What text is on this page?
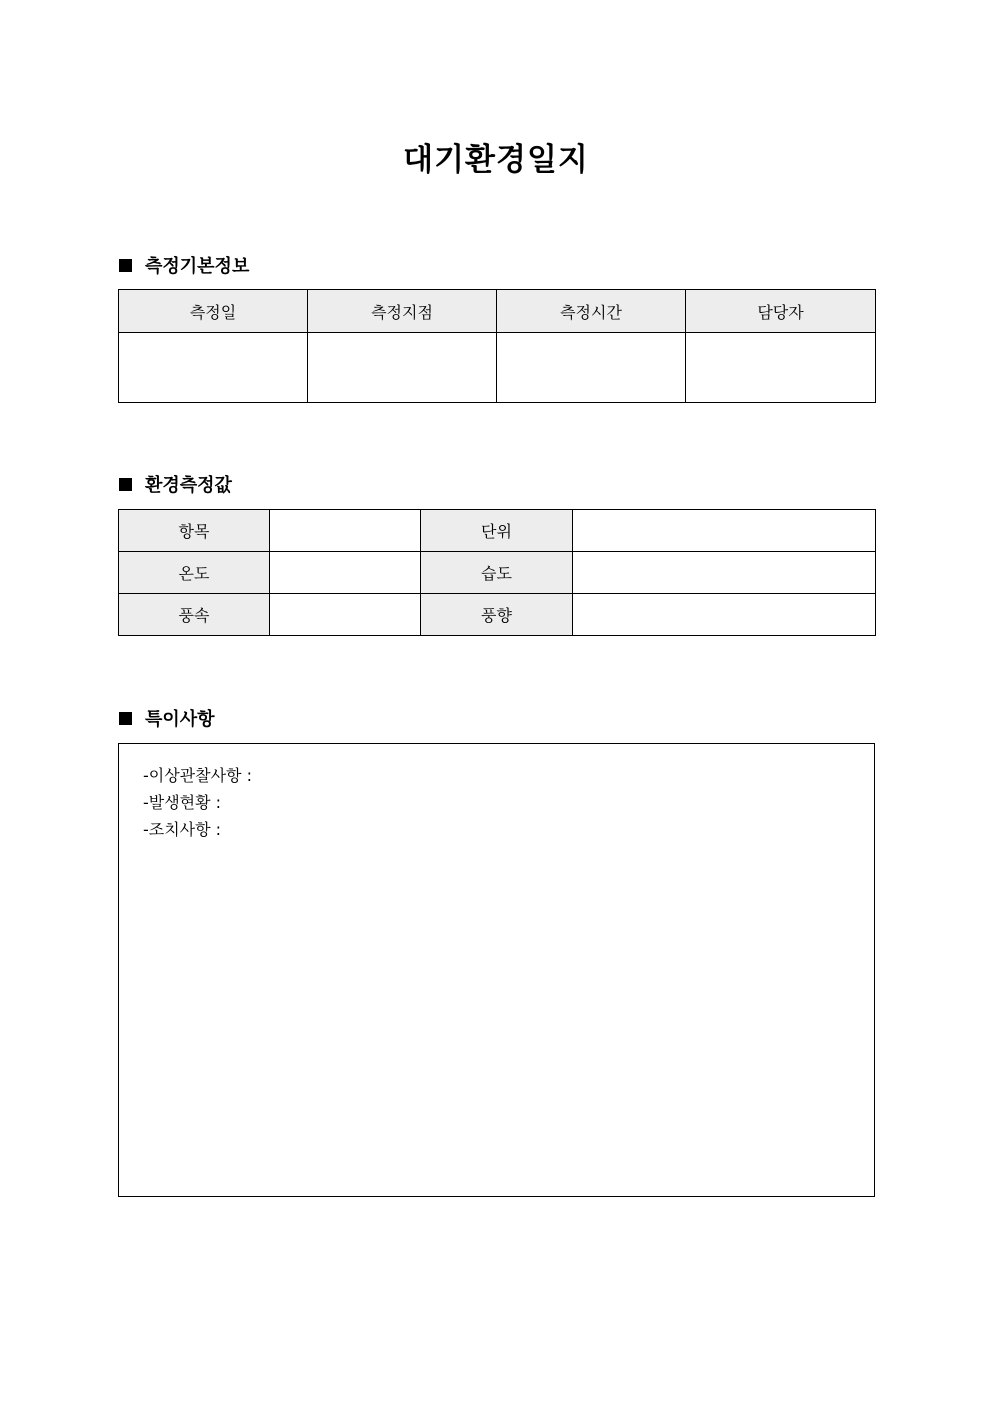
대기환경일지
측정기본정보
측정일	측정지점	측정시간	담당자

환경측정값
항목		단위	
온도		습도	
풍속		풍향	
특이사항
-이상관찰사항 :
-발생현황 :
-조치사항 :
